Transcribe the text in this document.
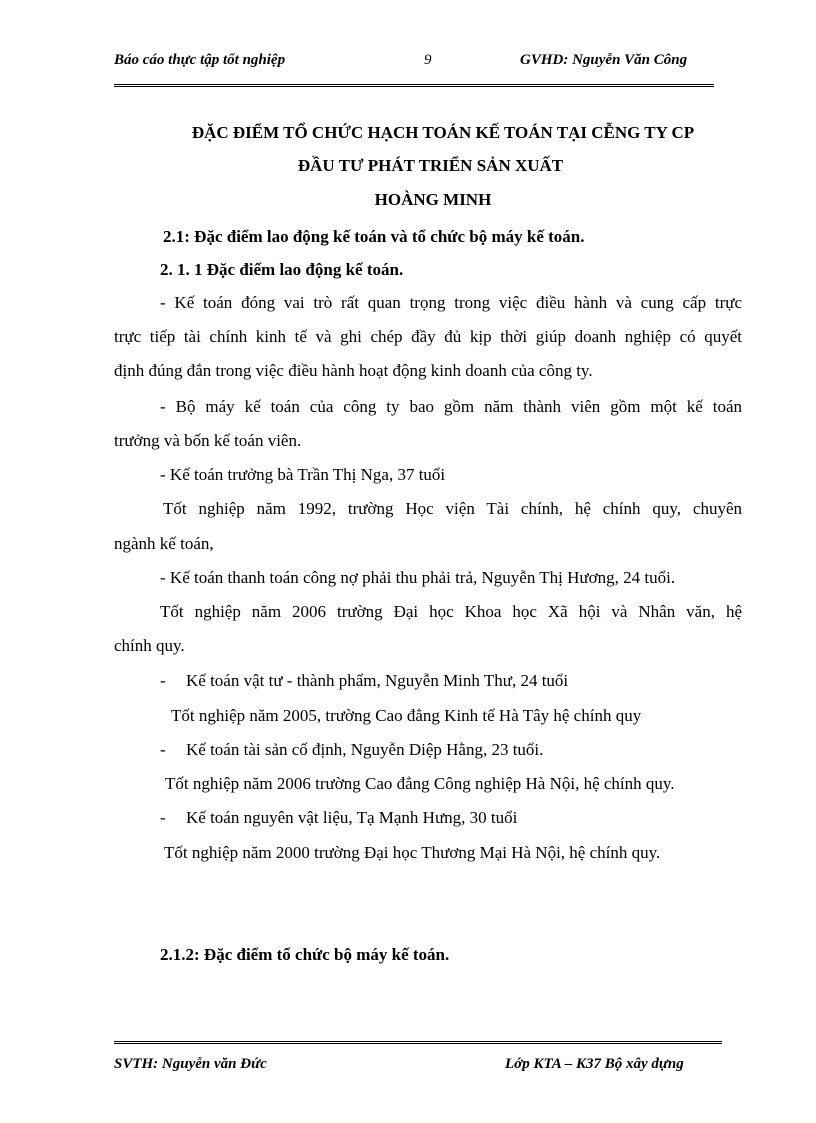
Báo cáo thực tập tốt nghiệp	9	GVHD: Nguyễn Văn Công
ĐẶC ĐIỂM TỔ CHỨC HẠCH TOÁN KẾ TOÁN TẠI CỄNG TY CP
ĐẦU TƯ PHÁT TRIỂN SẢN XUẤT
HOÀNG MINH
2.1: Đặc điểm lao động kế toán và tổ chức bộ máy kế toán.
2. 1. 1 Đặc điểm lao động kế toán.
- Kế toán đóng vai trò rất quan trọng trong việc điều hành và cung cấp trực
trực tiếp tài chính kinh tế và ghi chép đầy đủ kịp thời giúp doanh nghiệp có quyết
định đúng đắn trong việc điều hành hoạt động kinh doanh của công ty.
- Bộ máy kế toán của công ty bao gồm năm thành viên gồm một kế toán
trưởng và bốn kế toán viên.
- Kế toán trưởng bà Trần Thị Nga, 37 tuổi
Tốt nghiệp năm 1992, trường Học viện Tài chính, hệ chính quy, chuyên
ngành kế toán,
- Kế toán thanh toán công nợ phải thu phải trả, Nguyễn Thị Hương, 24 tuổi.
Tốt nghiệp năm 2006 trường Đại học Khoa học Xã hội và Nhân văn, hệ
chính quy.
- Kế toán vật tư - thành phẩm, Nguyễn Minh Thư, 24 tuổi
Tốt nghiệp năm 2005, trường Cao đẳng Kinh tế Hà Tây hệ chính quy
- Kế toán tài sản cố định, Nguyễn Diệp Hằng, 23 tuổi.
Tốt nghiệp năm 2006 trường Cao đẳng Công nghiệp Hà Nội, hệ chính quy.
- Kế toán nguyên vật liệu, Tạ Mạnh Hưng, 30 tuổi
Tốt nghiệp năm 2000 trường Đại học Thương Mại Hà Nội, hệ chính quy.
2.1.2: Đặc điểm tổ chức bộ máy kế toán.
SVTH: Nguyễn văn Đức	Lớp KTA – K37 Bộ xây dựng
